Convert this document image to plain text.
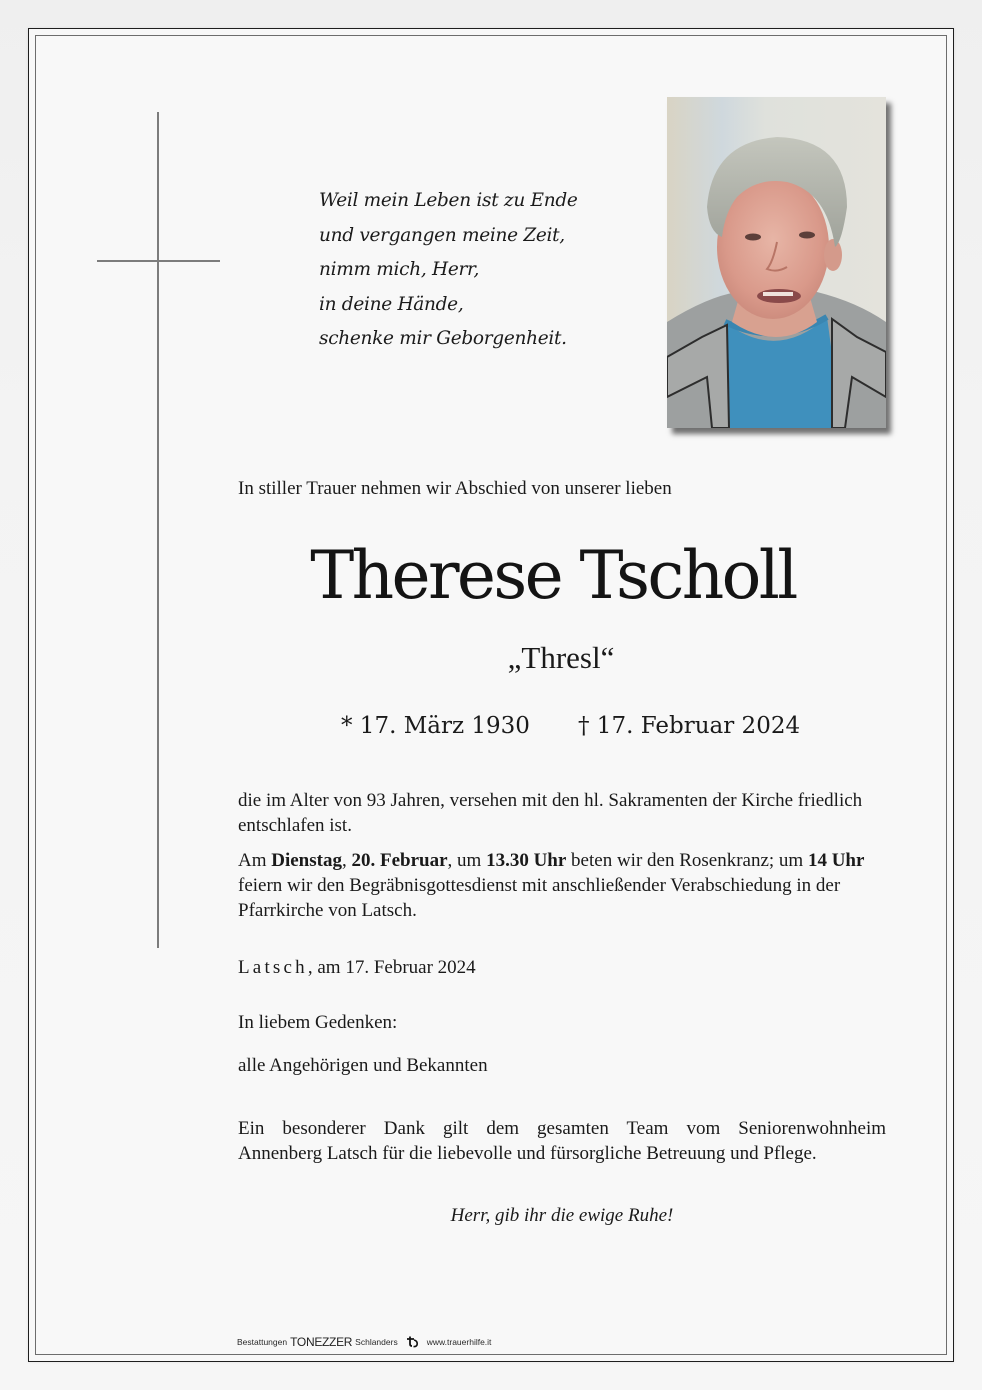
Weil mein Leben ist zu Ende
und vergangen meine Zeit,
nimm mich, Herr,
in deine Hände,
schenke mir Geborgenheit.
In stiller Trauer nehmen wir Abschied von unserer lieben
Therese Tscholl
„Thresl“
* 17. März 1930 † 17. Februar 2024
die im Alter von 93 Jahren, versehen mit den hl. Sakramenten der Kirche friedlich entschlafen ist.
Am Dienstag, 20. Februar, um 13.30 Uhr beten wir den Rosenkranz; um 14 Uhr feiern wir den Begräbnisgottesdienst mit anschließender Verabschiedung in der Pfarrkirche von Latsch.
Latsch, am 17. Februar 2024
In liebem Gedenken:
alle Angehörigen und Bekannten
Ein besonderer Dank gilt dem gesamten Team vom Seniorenwohnheim
Annenberg Latsch für die liebevolle und fürsorgliche Betreuung und Pflege.
Herr, gib ihr die ewige Ruhe!
Bestattungen TONEZZER Schlanders	www.trauerhilfe.it
